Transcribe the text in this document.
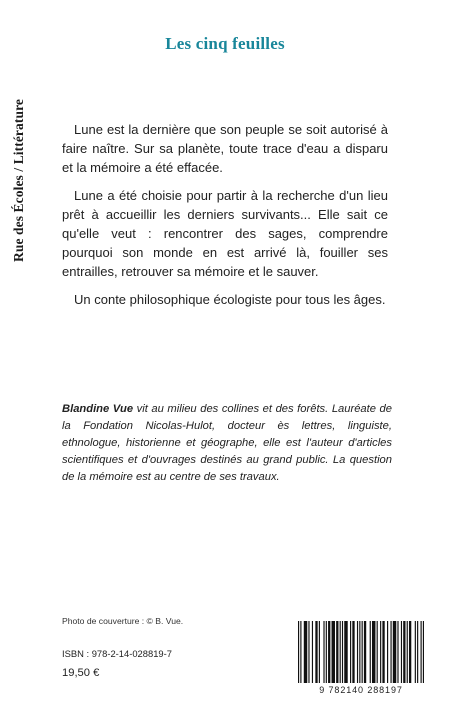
Rue des Écoles / Littérature
Les cinq feuilles

Lune est la dernière que son peuple se soit autorisé à faire naître. Sur sa planète, toute trace d'eau a disparu et la mémoire a été effacée.

Lune a été choisie pour partir à la recherche d'un lieu prêt à accueillir les derniers survivants... Elle sait ce qu'elle veut : rencontrer des sages, comprendre pourquoi son monde en est arrivé là, fouiller ses entrailles, retrouver sa mémoire et le sauver.

Un conte philosophique écologiste pour tous les âges.

Blandine Vue vit au milieu des collines et des forêts. Lauréate de la Fondation Nicolas-Hulot, docteur ès lettres, linguiste, ethnologue, historienne et géographe, elle est l'auteur d'articles scientifiques et d'ouvrages destinés au grand public. La question de la mémoire est au centre de ses travaux.

Photo de couverture : © B. Vue.
ISBN : 978-2-14-028819-7
19,50 €
9 782140 288197
